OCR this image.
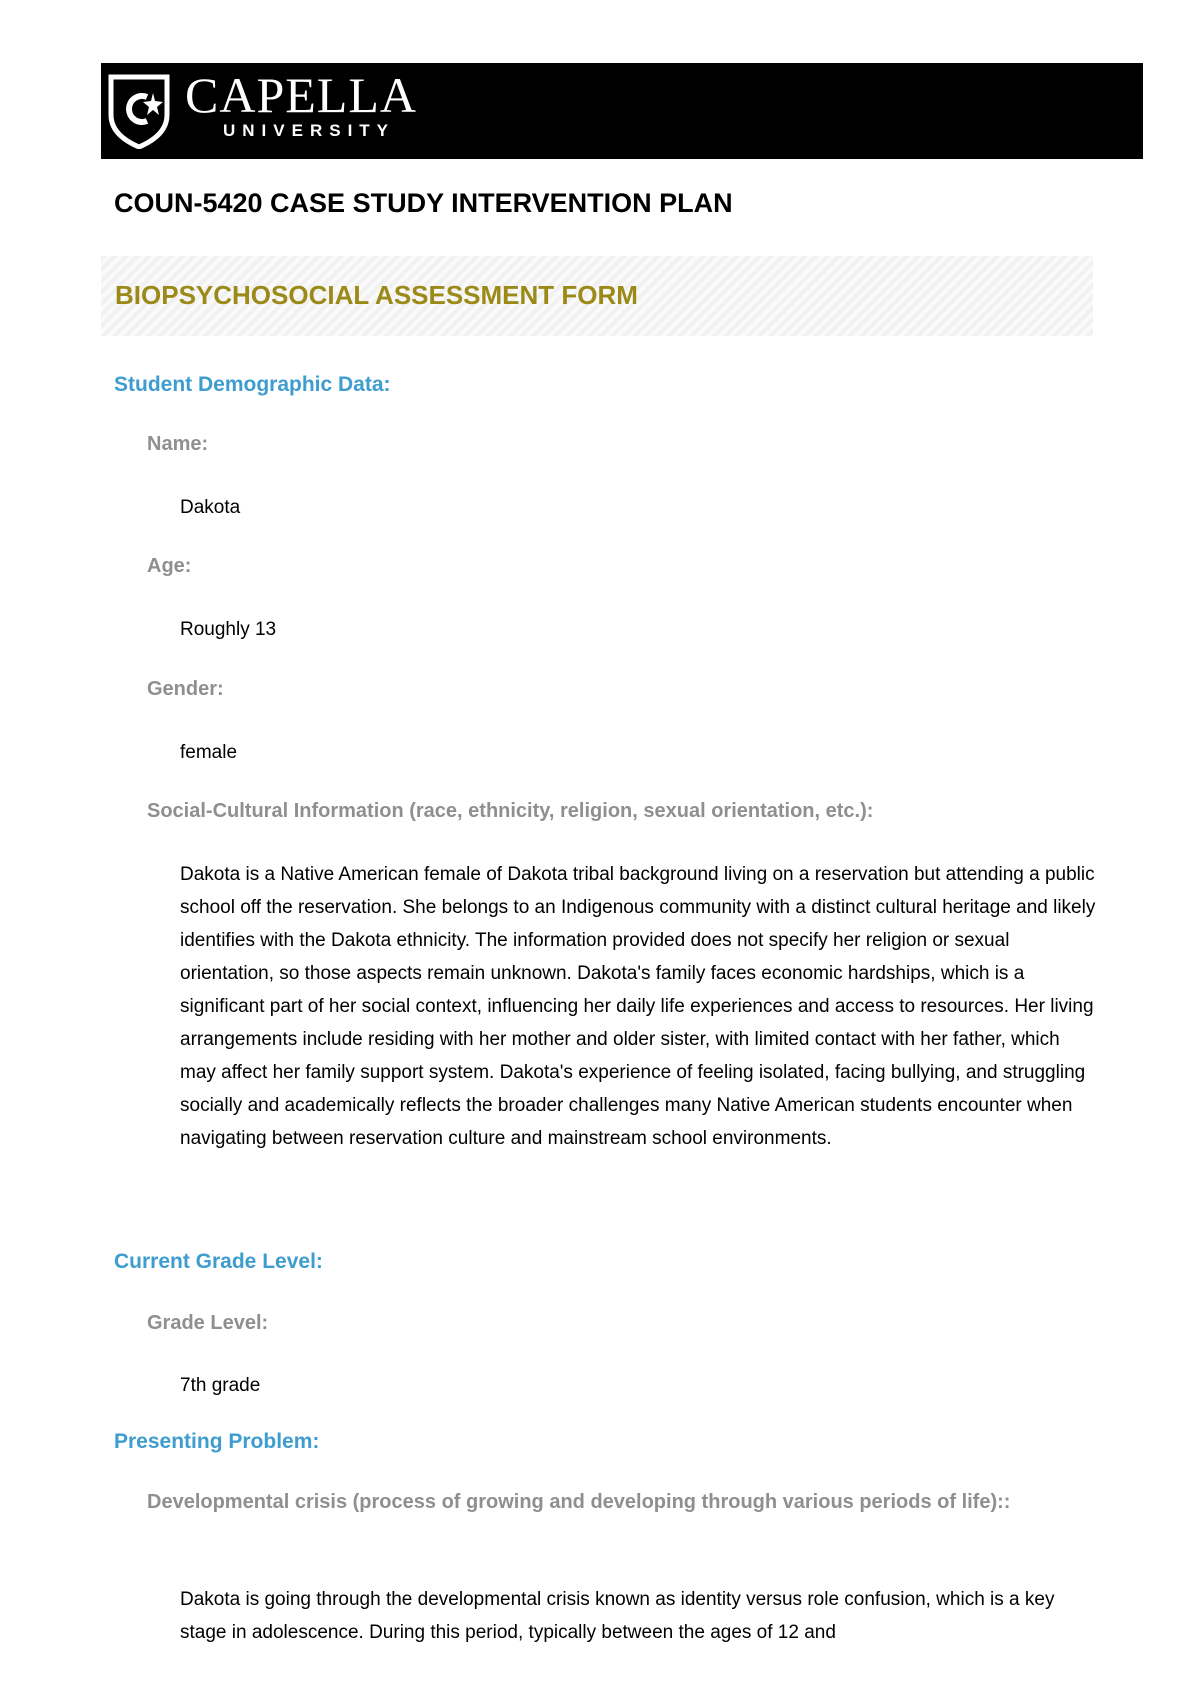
CAPELLA
UNIVERSITY
COUN-5420 CASE STUDY INTERVENTION PLAN
BIOPSYCHOSOCIAL ASSESSMENT FORM
Student Demographic Data:
Name:
Dakota
Age:
Roughly 13
Gender:
female
Social-Cultural Information (race, ethnicity, religion, sexual orientation, etc.):

Dakota is a Native American female of Dakota tribal background living on a reservation but attending a public school off the reservation. She belongs to an Indigenous community with a distinct cultural heritage and likely identifies with the Dakota ethnicity. The information provided does not specify her religion or sexual orientation, so those aspects remain unknown. Dakota's family faces economic hardships, which is a significant part of her social context, influencing her daily life experiences and access to resources. Her living arrangements include residing with her mother and older sister, with limited contact with her father, which may affect her family support system. Dakota's experience of feeling isolated, facing bullying, and struggling socially and academically reflects the broader challenges many Native American students encounter when navigating between reservation culture and mainstream school environments.

Current Grade Level:
Grade Level:
7th grade
Presenting Problem:
Developmental crisis (process of growing and developing through various periods of life)::

Dakota is going through the developmental crisis known as identity versus role confusion, which is a key stage in adolescence. During this period, typically between the ages of 12 and
